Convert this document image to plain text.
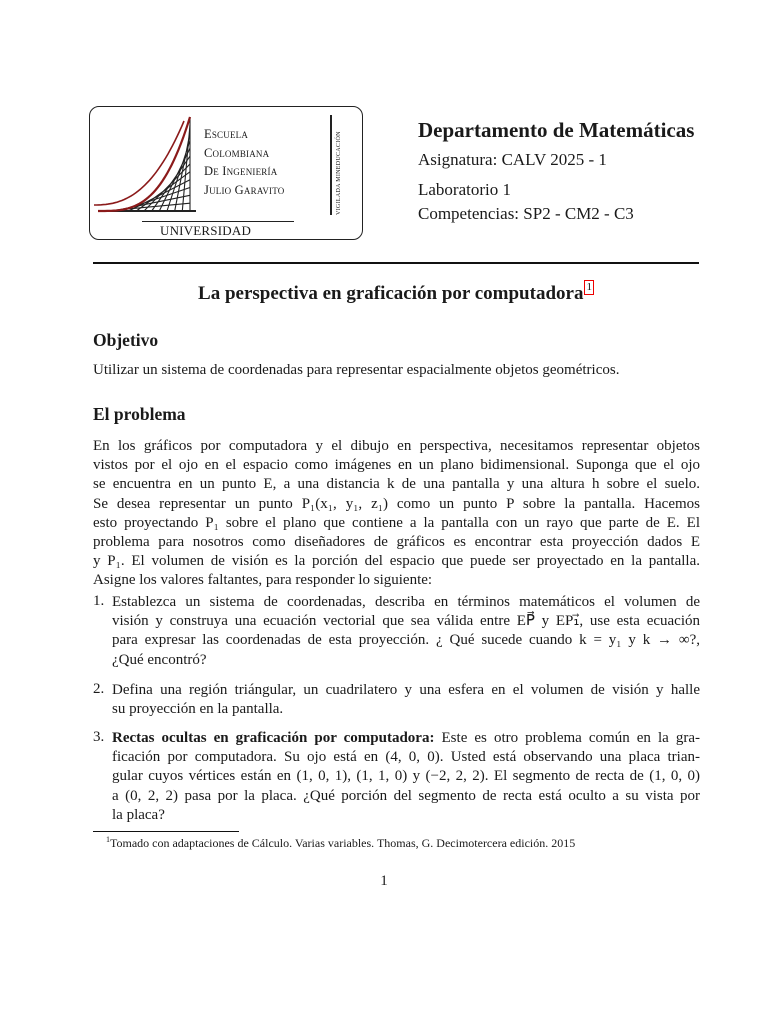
Escuela
Colombiana
De Ingeniería
Julio Garavito	VIGILADA MINEDUCACIÓN
UNIVERSIDAD
Departamento de Matemáticas
Asignatura: CALV 2025 - 1
Laboratorio 1
Competencias: SP2 - CM2 - C3
La perspectiva en graficación por computadora 1
Objetivo
Utilizar un sistema de coordenadas para representar espacialmente objetos geométricos.
El problema
En los gráficos por computadora y el dibujo en perspectiva, necesitamos representar objetos
vistos por el ojo en el espacio como imágenes en un plano bidimensional. Suponga que el ojo
se encuentra en un punto E, a una distancia k de una pantalla y una altura h sobre el suelo.
Se desea representar un punto P₁(x₁, y₁, z₁) como un punto P sobre la pantalla. Hacemos
esto proyectando P₁ sobre el plano que contiene a la pantalla con un rayo que parte de E. El
problema para nosotros como diseñadores de gráficos es encontrar esta proyección dados E
y P₁. El volumen de visión es la porción del espacio que puede ser proyectado en la pantalla.
Asigne los valores faltantes, para responder lo siguiente:
1. Establezca un sistema de coordenadas, describa en términos matemáticos el volumen de
visión y construya una ecuación vectorial que sea válida entre EP⃗ y EP₁⃗, use esta ecuación
para expresar las coordenadas de esta proyección. ¿ Qué sucede cuando k = y₁ y k → ∞?,
¿Qué encontró?
2. Defina una región triángular, un cuadrilatero y una esfera en el volumen de visión y halle
su proyección en la pantalla.
3. Rectas ocultas en graficación por computadora: Este es otro problema común en la gra-
ficación por computadora. Su ojo está en (4, 0, 0). Usted está observando una placa trian-
gular cuyos vértices están en (1, 0, 1), (1, 1, 0) y (−2, 2, 2). El segmento de recta de (1, 0, 0)
a (0, 2, 2) pasa por la placa. ¿Qué porción del segmento de recta está oculto a su vista por
la placa?
$^1$Tomado con adaptaciones de Cálculo. Varias variables. Thomas, G. Decimotercera edición. 2015
1
